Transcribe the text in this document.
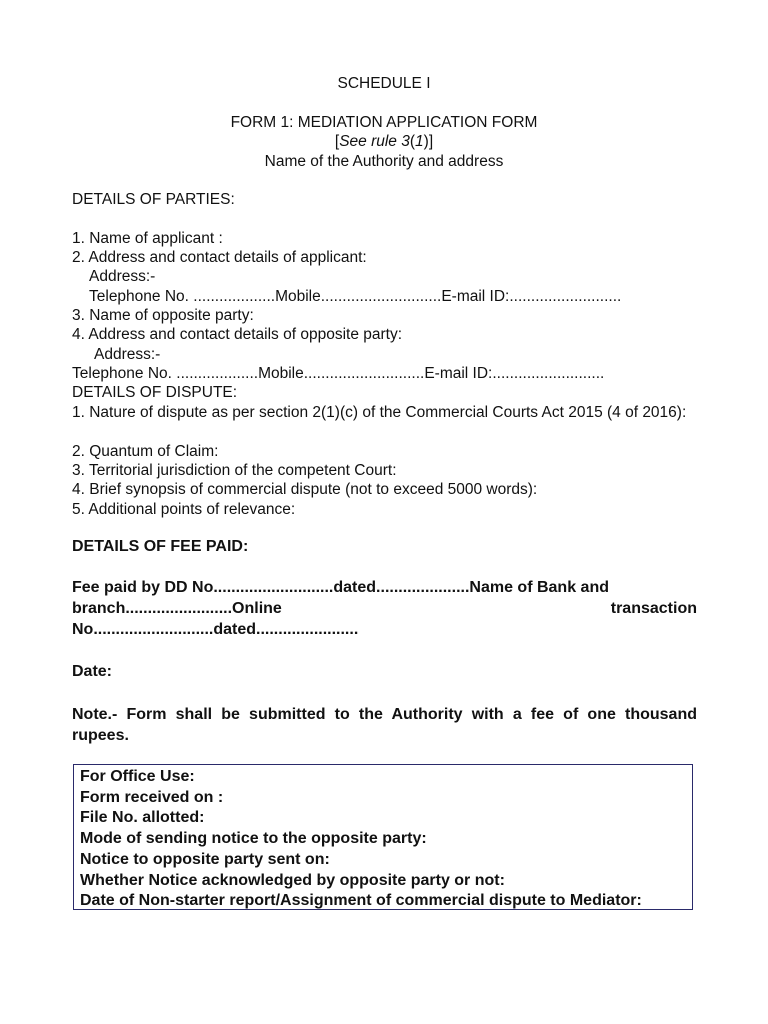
SCHEDULE I
FORM 1: MEDIATION APPLICATION FORM
[See rule 3(1)]
Name of the Authority and address
DETAILS OF PARTIES:
1. Name of applicant :
2. Address and contact details of applicant:
Address:-
Telephone No. ...................Mobile............................E-mail ID:..........................
3. Name of opposite party:
4. Address and contact details of opposite party:
Address:-
Telephone No. ...................Mobile............................E-mail ID:..........................
DETAILS OF DISPUTE:
1. Nature of dispute as per section 2(1)(c) of the Commercial Courts Act 2015 (4 of 2016):
2. Quantum of Claim:
3. Territorial jurisdiction of the competent Court:
4. Brief synopsis of commercial dispute (not to exceed 5000 words):
5. Additional points of relevance:
DETAILS OF FEE PAID:
Fee paid by DD No...........................dated.....................Name of Bank and
branch........................Online	transaction
No...........................dated.......................
Date:
Note.- Form shall be submitted to the Authority with a fee of one thousand rupees.
For Office Use:
Form received on :
File No. allotted:
Mode of sending notice to the opposite party:
Notice to opposite party sent on:
Whether Notice acknowledged by opposite party or not:
Date of Non-starter report/Assignment of commercial dispute to Mediator:
